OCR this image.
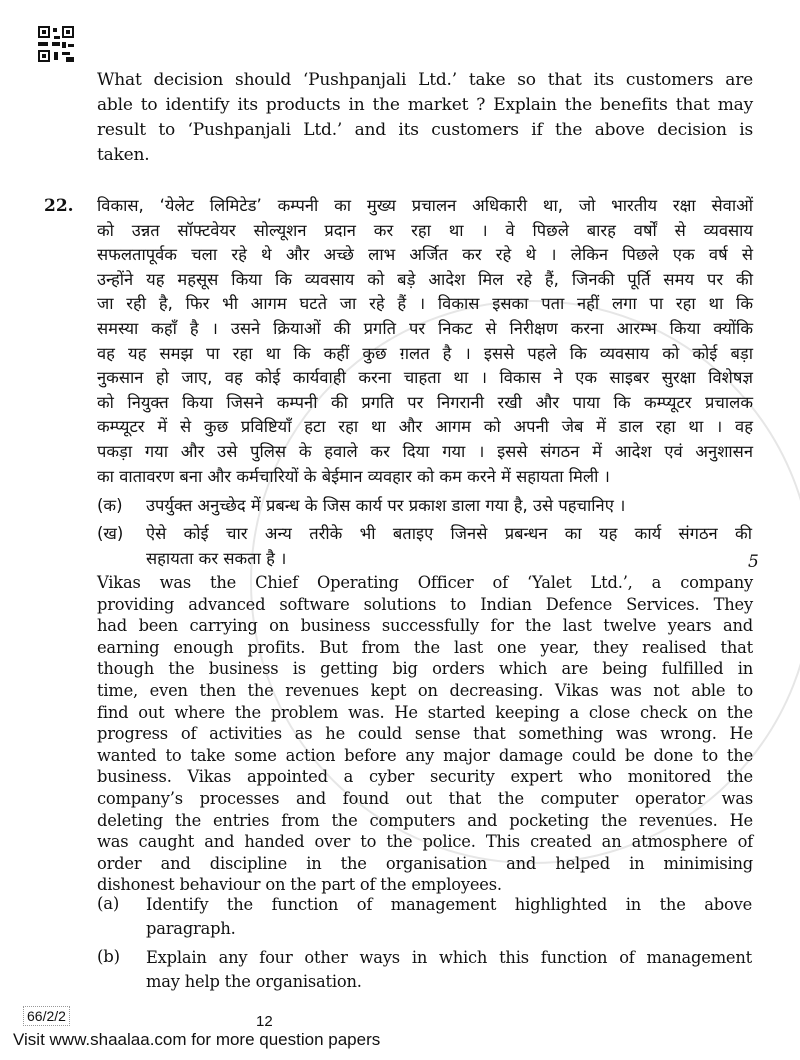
What decision should ‘Pushpanjali Ltd.’ take so that its customers are
able to identify its products in the market ? Explain the benefits that may
result to ‘Pushpanjali Ltd.’ and its customers if the above decision is
taken.
22. विकास, ‘येलेट लिमिटेड’ कम्पनी का मुख्य प्रचालन अधिकारी था, जो भारतीय रक्षा सेवाओं
को उन्नत सॉफ्टवेयर सोल्यूशन प्रदान कर रहा था । वे पिछले बारह वर्षों से व्यवसाय
सफलतापूर्वक चला रहे थे और अच्छे लाभ अर्जित कर रहे थे । लेकिन पिछले एक वर्ष से
उन्होंने यह महसूस किया कि व्यवसाय को बड़े आदेश मिल रहे हैं, जिनकी पूर्ति समय पर की
जा रही है, फिर भी आगम घटते जा रहे हैं । विकास इसका पता नहीं लगा पा रहा था कि
समस्या कहाँ है । उसने क्रियाओं की प्रगति पर निकट से निरीक्षण करना आरम्भ किया क्योंकि
वह यह समझ पा रहा था कि कहीं कुछ ग़लत है । इससे पहले कि व्यवसाय को कोई बड़ा
नुकसान हो जाए, वह कोई कार्यवाही करना चाहता था । विकास ने एक साइबर सुरक्षा विशेषज्ञ
को नियुक्त किया जिसने कम्पनी की प्रगति पर निगरानी रखी और पाया कि कम्प्यूटर प्रचालक
कम्प्यूटर में से कुछ प्रविष्टियाँ हटा रहा था और आगम को अपनी जेब में डाल रहा था । वह
पकड़ा गया और उसे पुलिस के हवाले कर दिया गया । इससे संगठन में आदेश एवं अनुशासन
का वातावरण बना और कर्मचारियों के बेईमान व्यवहार को कम करने में सहायता मिली ।
(क) उपर्युक्त अनुच्छेद में प्रबन्ध के जिस कार्य पर प्रकाश डाला गया है, उसे पहचानिए ।
(ख) ऐसे कोई चार अन्य तरीके भी बताइए जिनसे प्रबन्धन का यह कार्य संगठन की
सहायता कर सकता है ।	5
Vikas was the Chief Operating Officer of ‘Yalet Ltd.’, a company
providing advanced software solutions to Indian Defence Services. They
had been carrying on business successfully for the last twelve years and
earning enough profits. But from the last one year, they realised that
though the business is getting big orders which are being fulfilled in
time, even then the revenues kept on decreasing. Vikas was not able to
find out where the problem was. He started keeping a close check on the
progress of activities as he could sense that something was wrong. He
wanted to take some action before any major damage could be done to the
business. Vikas appointed a cyber security expert who monitored the
company’s processes and found out that the computer operator was
deleting the entries from the computers and pocketing the revenues. He
was caught and handed over to the police. This created an atmosphere of
order and discipline in the organisation and helped in minimising
dishonest behaviour on the part of the employees.
(a) Identify the function of management highlighted in the above
paragraph.
(b) Explain any four other ways in which this function of management
may help the organisation.
66/2/2	12
Visit www.shaalaa.com for more question papers
